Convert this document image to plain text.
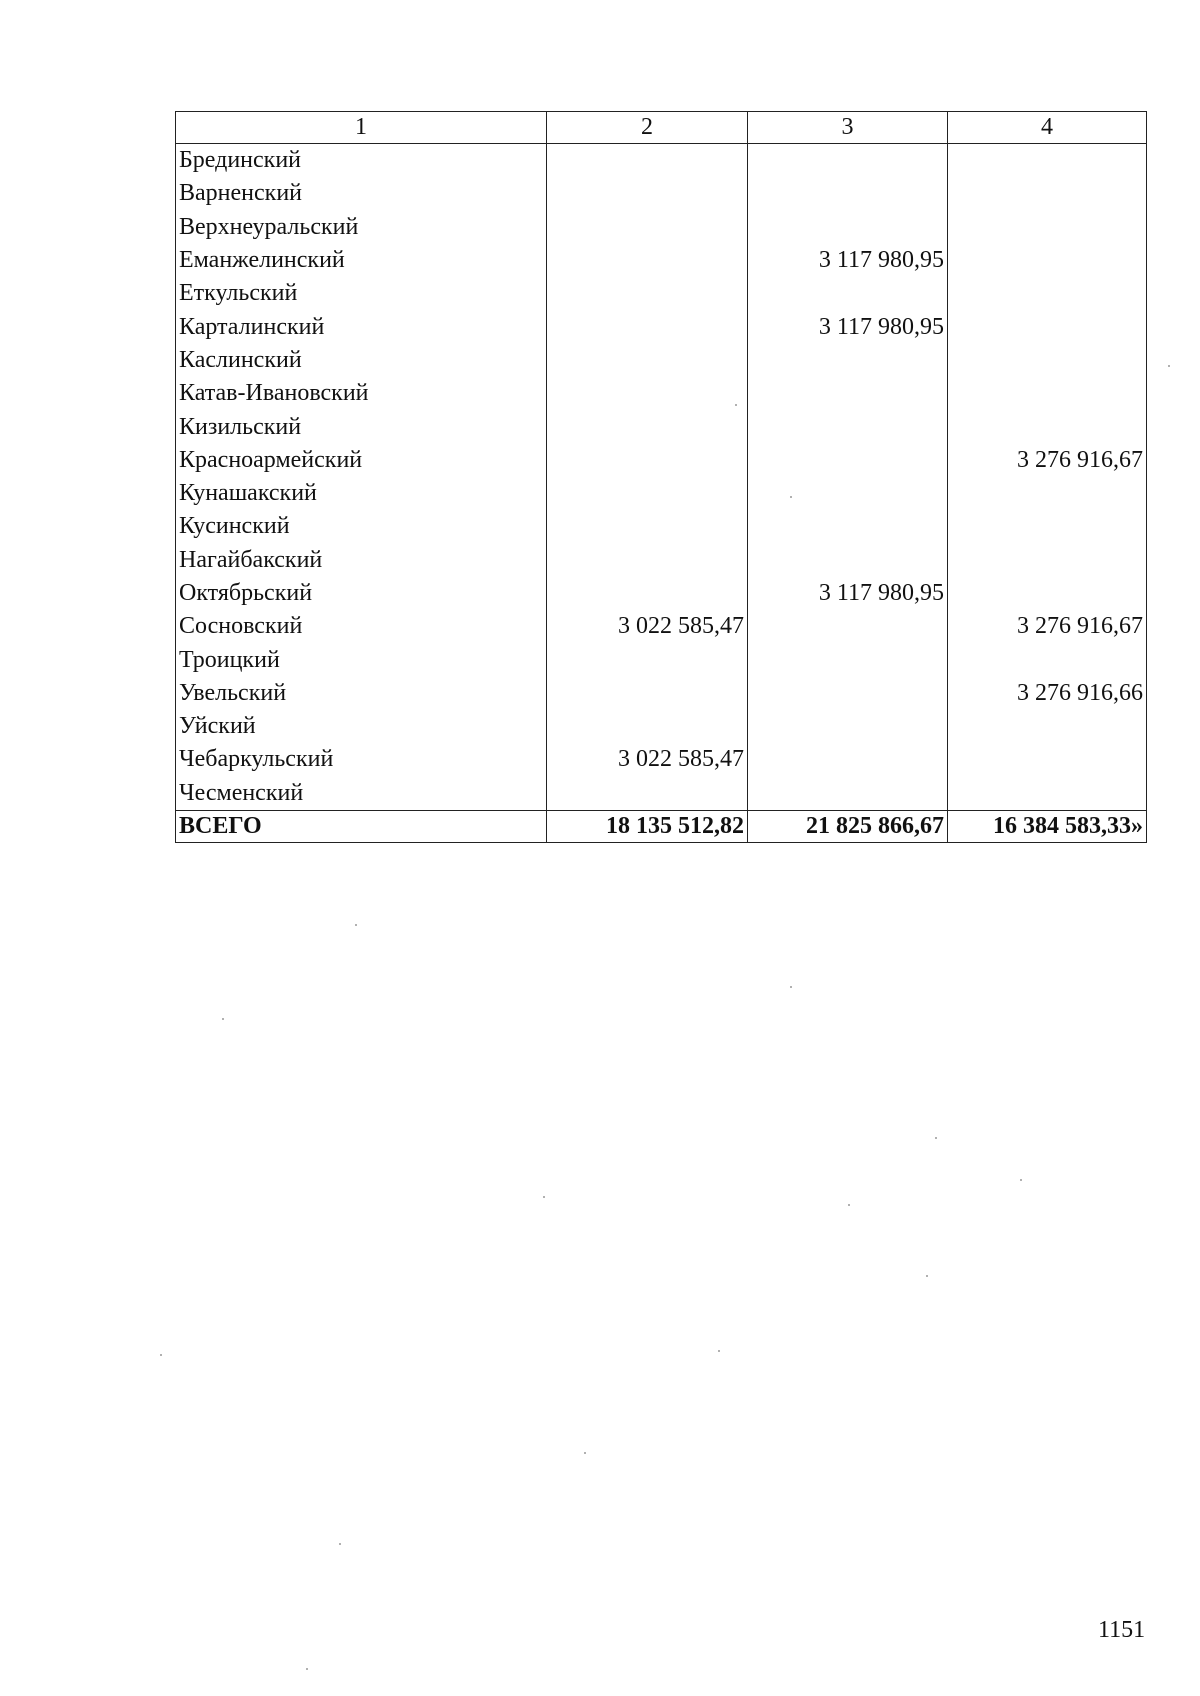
1	2	3	4
Брединский			
Варненский			
Верхнеуральский			
Еманжелинский		3 117 980,95	
Еткульский			
Карталинский		3 117 980,95	
Каслинский			
Катав-Ивановский			
Кизильский			
Красноармейский			3 276 916,67
Кунашакский			
Кусинский			
Нагайбакский			
Октябрьский		3 117 980,95	
Сосновский	3 022 585,47		3 276 916,67
Троицкий			
Увельский			3 276 916,66
Уйский			
Чебаркульский	3 022 585,47		
Чесменский			
ВСЕГО	18 135 512,82	21 825 866,67	16 384 583,33»
1151
